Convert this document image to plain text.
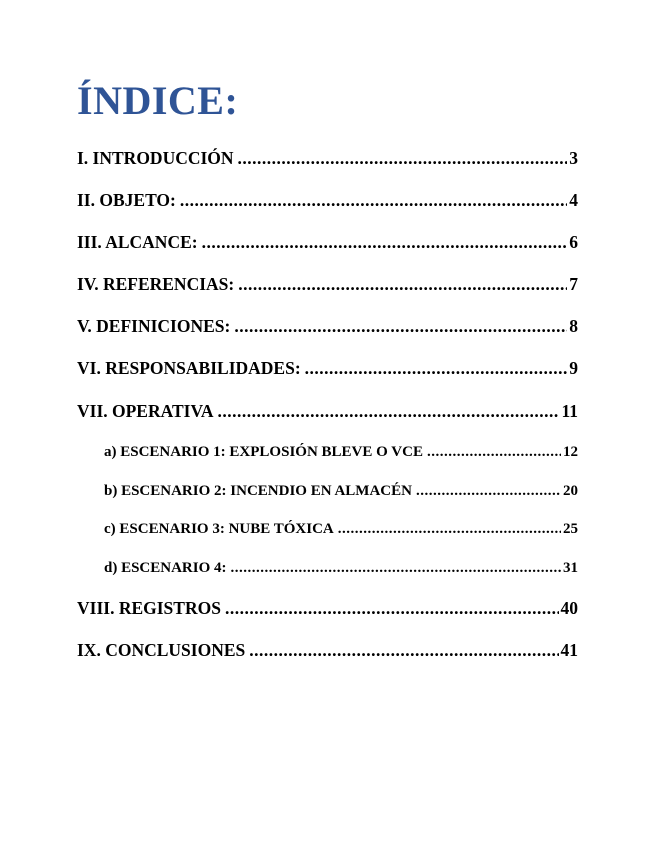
ÍNDICE:
I. INTRODUCCIÓN .....	3
II. OBJETO: .....	4
III. ALCANCE: .....	6
IV. REFERENCIAS: .....	7
V. DEFINICIONES: .....	8
VI. RESPONSABILIDADES: .....	9
VII. OPERATIVA .....	11
a) ESCENARIO 1: EXPLOSIÓN BLEVE O VCE .....	12
b) ESCENARIO 2: INCENDIO EN ALMACÉN .....	20
c) ESCENARIO 3: NUBE TÓXICA .....	25
d) ESCENARIO 4: .....	31
VIII. REGISTROS .....	40
IX. CONCLUSIONES .....	41
